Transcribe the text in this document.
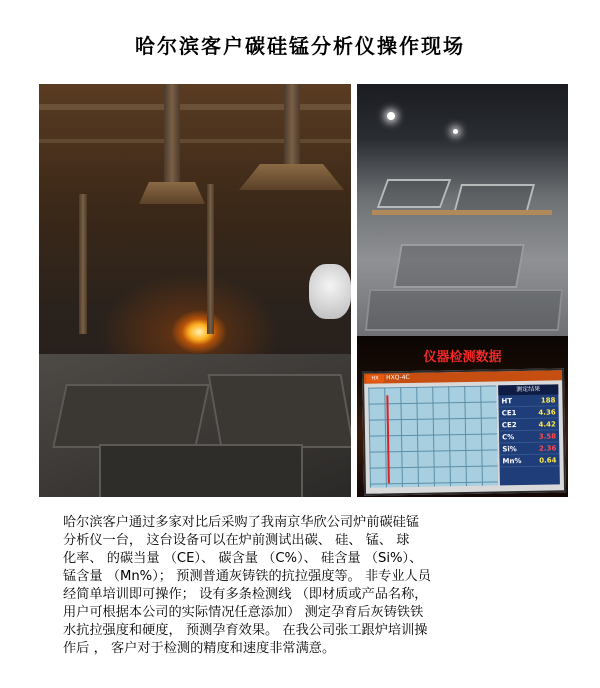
哈尔滨客户碳硅锰分析仪操作现场
仪器检测数据
HX	HXQ-4C
测定结果
HT	188
CE1	4.36
CE2	4.42
C%	3.58
Si%	2.36
Mn%	0.64
哈尔滨客户通过多家对比后采购了我南京华欣公司炉前碳硅锰
分析仪一台， 这台设备可以在炉前测试出碳、 硅、 锰、 球
化率、 的碳当量 （CE）、 碳含量 （C%）、 硅含量 （Si%）、
锰含量 （Mn%）； 预测普通灰铸铁的抗拉强度等。 非专业人员
经简单培训即可操作； 设有多条检测线 （即材质或产品名称，
用户可根据本公司的实际情况任意添加） 测定孕育后灰铸铁铁
水抗拉强度和硬度， 预测孕育效果。 在我公司张工跟炉培训操
作后 ， 客户对于检测的精度和速度非常满意。
